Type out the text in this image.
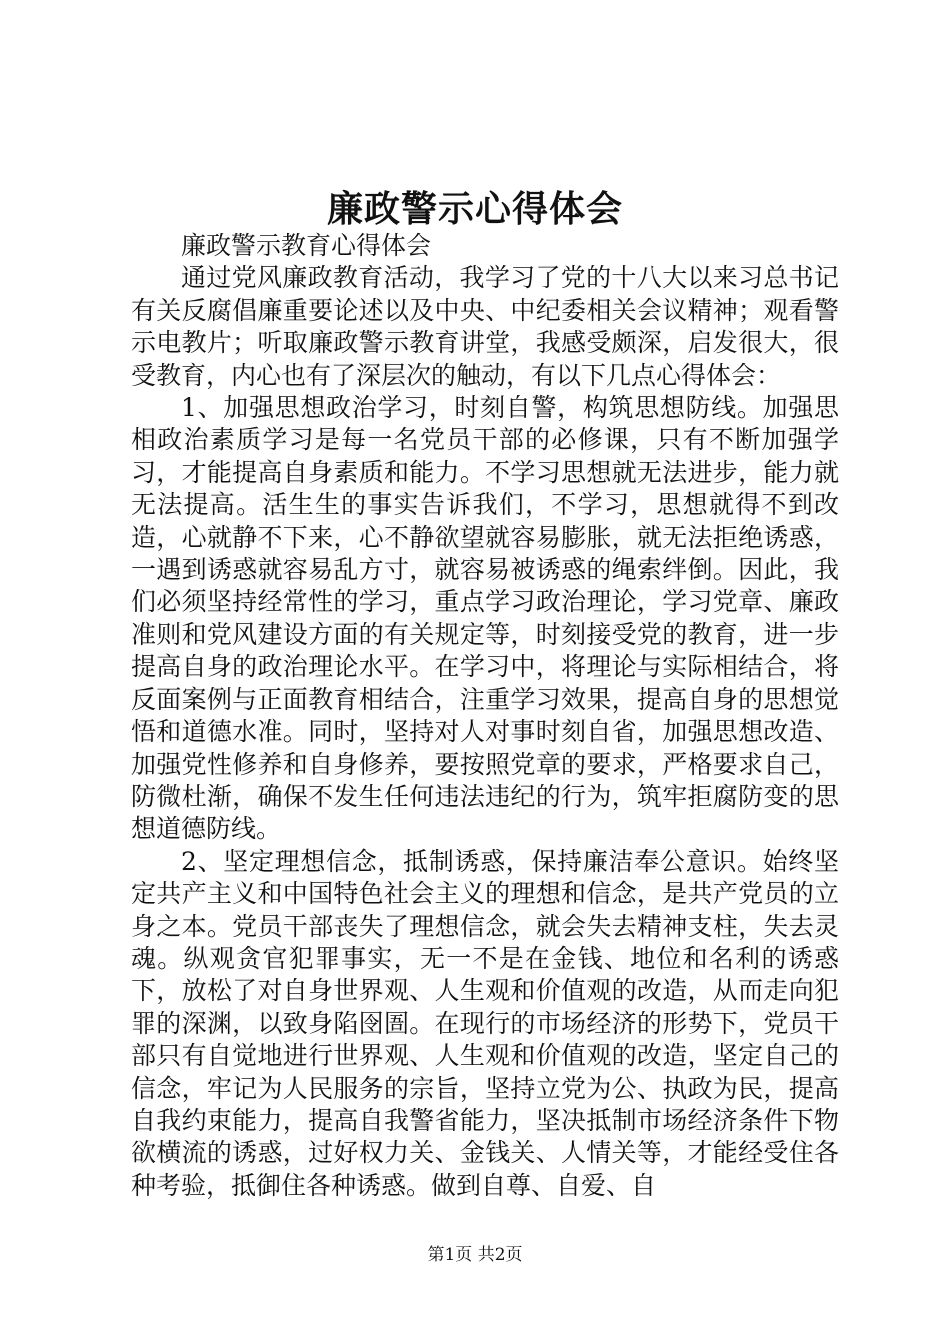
廉政警示心得体会

廉政警示教育心得体会

通过党风廉政教育活动，我学习了党的十八大以来习总书记有关反腐倡廉重要论述以及中央、中纪委相关会议精神；观看警示电教片；听取廉政警示教育讲堂，我感受颇深，启发很大，很受教育，内心也有了深层次的触动，有以下几点心得体会：

1、加强思想政治学习，时刻自警，构筑思想防线。加强思相政治素质学习是每一名党员干部的必修课，只有不断加强学习，才能提高自身素质和能力。不学习思想就无法进步，能力就无法提高。活生生的事实告诉我们，不学习，思想就得不到改造，心就静不下来，心不静欲望就容易膨胀，就无法拒绝诱惑，一遇到诱惑就容易乱方寸，就容易被诱惑的绳索绊倒。因此，我们必须坚持经常性的学习，重点学习政治理论，学习党章、廉政准则和党风建设方面的有关规定等，时刻接受党的教育，进一步提高自身的政治理论水平。在学习中，将理论与实际相结合，将反面案例与正面教育相结合，注重学习效果，提高自身的思想觉悟和道德水准。同时，坚持对人对事时刻自省，加强思想改造、加强党性修养和自身修养，要按照党章的要求，严格要求自己，防微杜渐，确保不发生任何违法违纪的行为，筑牢拒腐防变的思想道德防线。

2、坚定理想信念，抵制诱惑，保持廉洁奉公意识。始终坚定共产主义和中国特色社会主义的理想和信念，是共产党员的立身之本。党员干部丧失了理想信念，就会失去精神支柱，失去灵魂。纵观贪官犯罪事实，无一不是在金钱、地位和名利的诱惑下，放松了对自身世界观、人生观和价值观的改造，从而走向犯罪的深渊，以致身陷囹圄。在现行的市场经济的形势下，党员干部只有自觉地进行世界观、人生观和价值观的改造，坚定自己的信念，牢记为人民服务的宗旨，坚持立党为公、执政为民，提高自我约束能力，提高自我警省能力，坚决抵制市场经济条件下物欲横流的诱惑，过好权力关、金钱关、人情关等，才能经受住各种考验，抵御住各种诱惑。做到自尊、自爱、自

第1页 共2页
